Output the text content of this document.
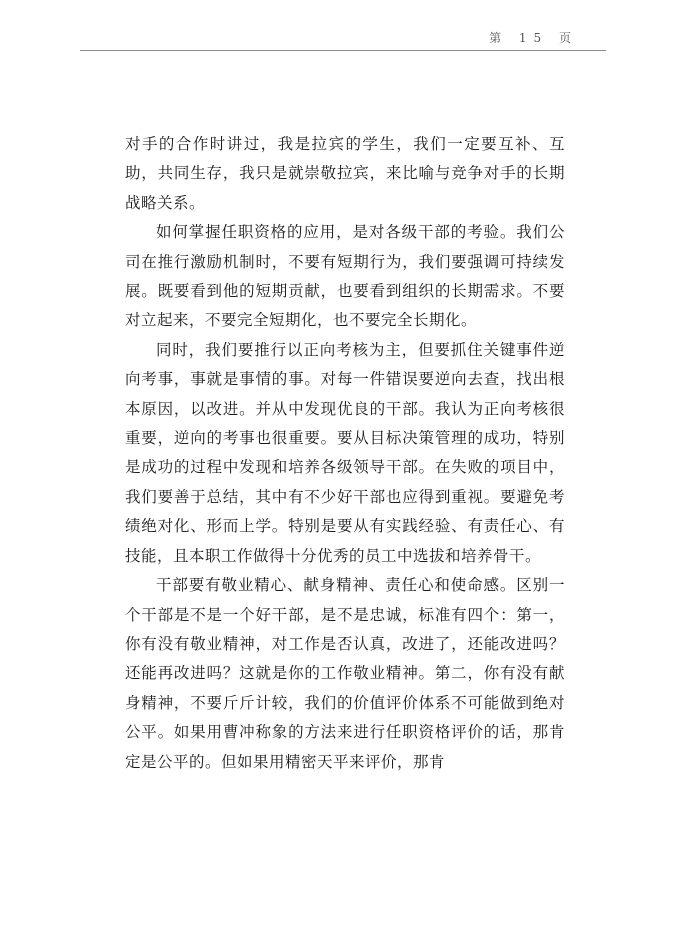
第 15 页

对手的合作时讲过，我是拉宾的学生，我们一定要互补、互助，共同生存，我只是就崇敬拉宾，来比喻与竞争对手的长期战略关系。

如何掌握任职资格的应用，是对各级干部的考验。我们公司在推行激励机制时，不要有短期行为，我们要强调可持续发展。既要看到他的短期贡献，也要看到组织的长期需求。不要对立起来，不要完全短期化，也不要完全长期化。

同时，我们要推行以正向考核为主，但要抓住关键事件逆向考事，事就是事情的事。对每一件错误要逆向去查，找出根本原因，以改进。并从中发现优良的干部。我认为正向考核很重要，逆向的考事也很重要。要从目标决策管理的成功，特别是成功的过程中发现和培养各级领导干部。在失败的项目中，我们要善于总结，其中有不少好干部也应得到重视。要避免考绩绝对化、形而上学。特别是要从有实践经验、有责任心、有技能，且本职工作做得十分优秀的员工中选拔和培养骨干。

干部要有敬业精心、献身精神、责任心和使命感。区别一个干部是不是一个好干部，是不是忠诚，标准有四个：第一，你有没有敬业精神，对工作是否认真，改进了，还能改进吗？还能再改进吗？这就是你的工作敬业精神。第二，你有没有献身精神，不要斤斤计较，我们的价值评价体系不可能做到绝对公平。如果用曹冲称象的方法来进行任职资格评价的话，那肯定是公平的。但如果用精密天平来评价，那肯
